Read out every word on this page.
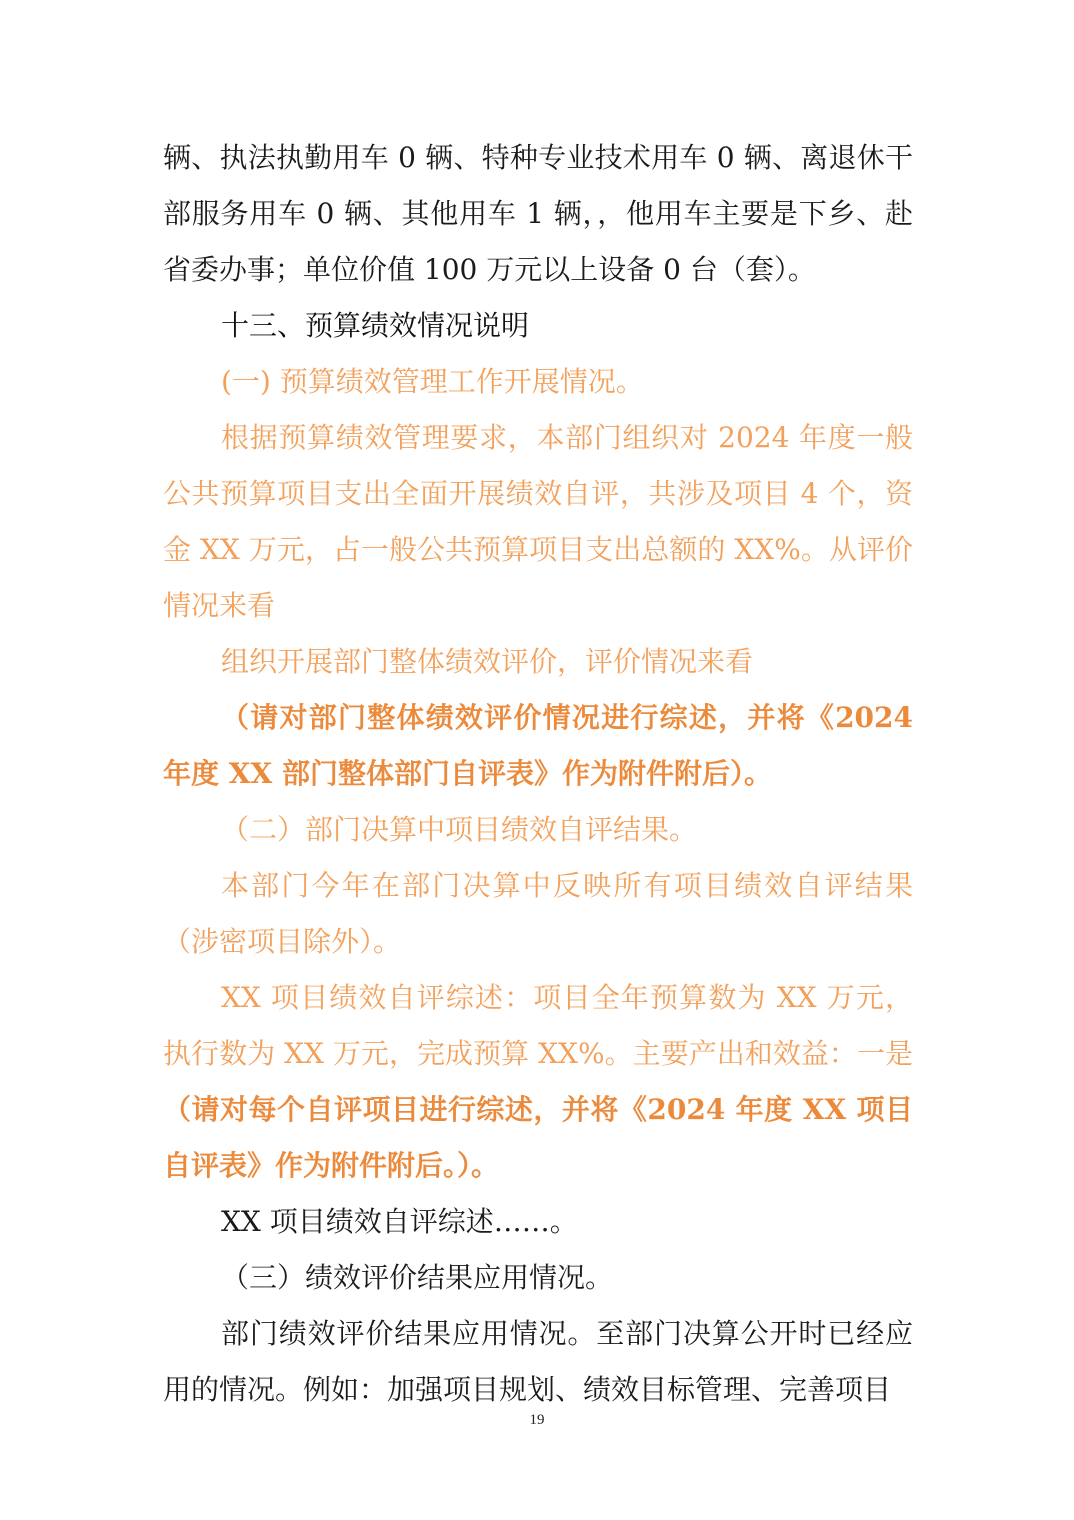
辆、执法执勤用车 0 辆、特种专业技术用车 0 辆、离退休干部服务用车 0 辆、其他用车 1 辆，，他用车主要是下乡、赴省委办事；单位价值 100 万元以上设备 0 台（套）。

十三、预算绩效情况说明

(一) 预算绩效管理工作开展情况。

根据预算绩效管理要求，本部门组织对 2024 年度一般公共预算项目支出全面开展绩效自评，共涉及项目 4 个，资金 XX 万元，占一般公共预算项目支出总额的 XX%。从评价情况来看

组织开展部门整体绩效评价，评价情况来看

（请对部门整体绩效评价情况进行综述，并将《2024 年度 XX 部门整体部门自评表》作为附件附后）。

（二）部门决算中项目绩效自评结果。

本部门今年在部门决算中反映所有项目绩效自评结果（涉密项目除外）。

XX 项目绩效自评综述：项目全年预算数为 XX 万元，执行数为 XX 万元，完成预算 XX%。主要产出和效益：一是（请对每个自评项目进行综述，并将《2024 年度 XX 项目自评表》作为附件附后。）。

XX 项目绩效自评综述……。

（三）绩效评价结果应用情况。

部门绩效评价结果应用情况。至部门决算公开时已经应用的情况。例如：加强项目规划、绩效目标管理、完善项目

19
